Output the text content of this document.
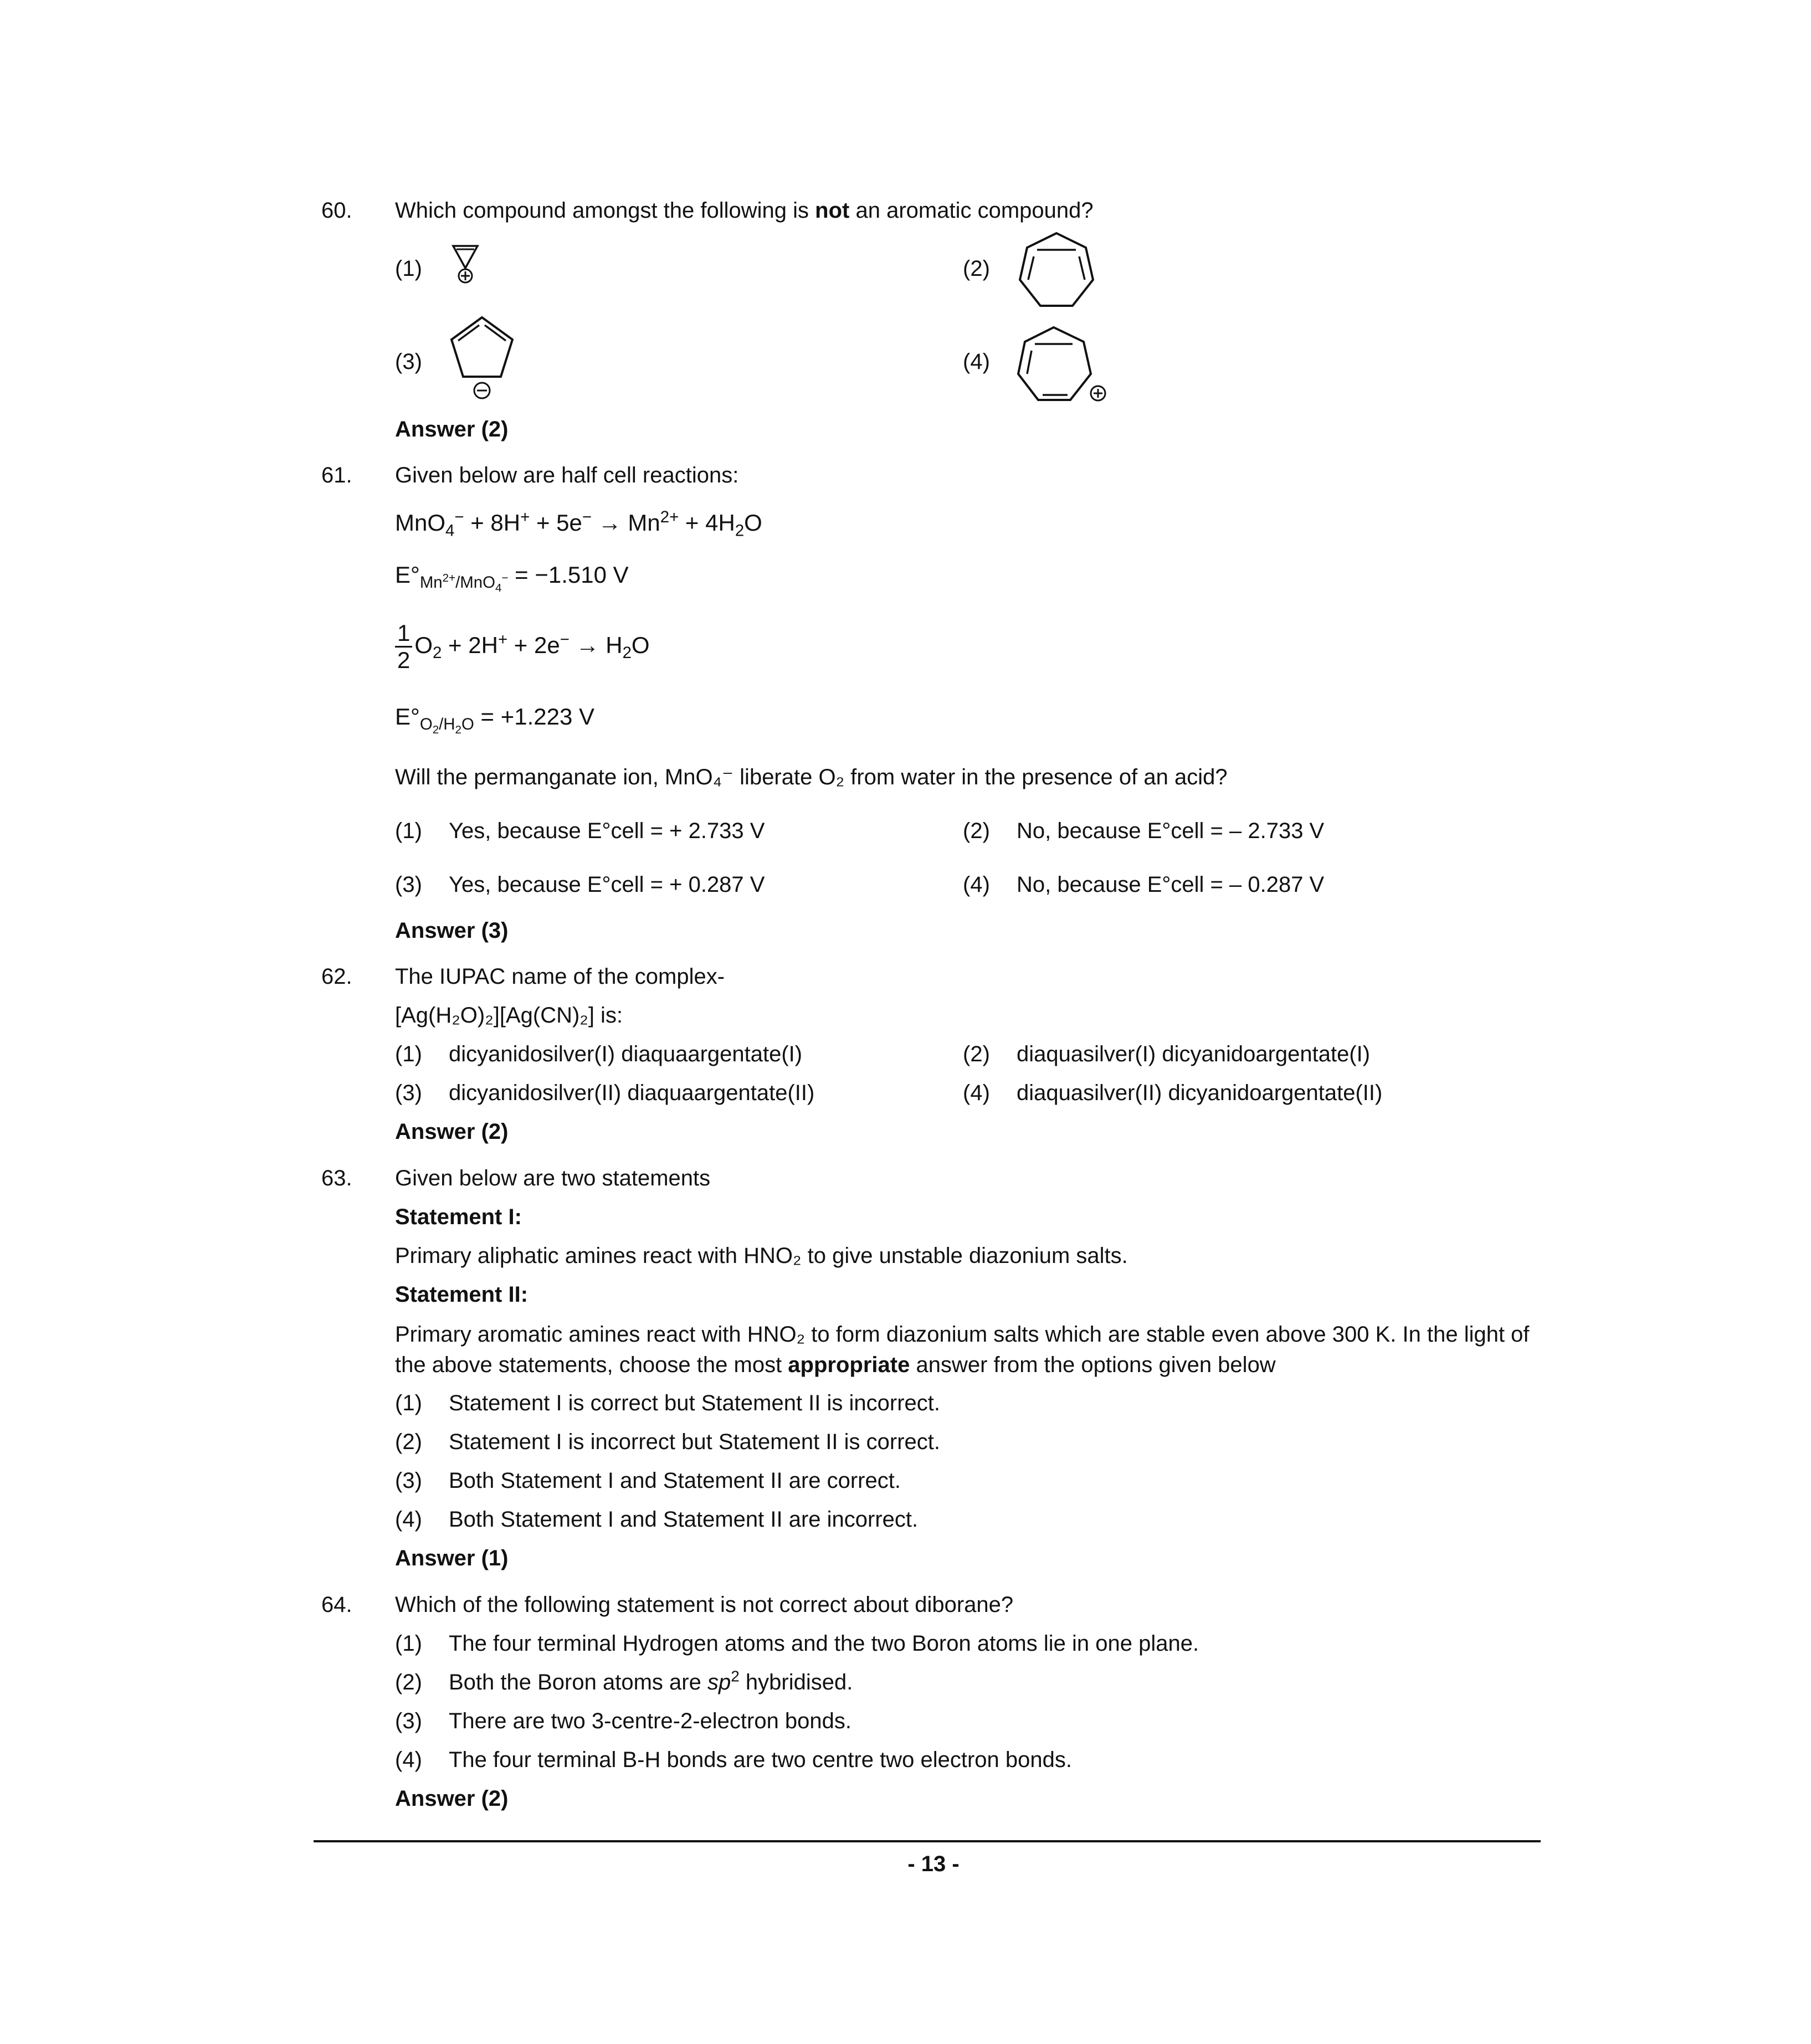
60. Which compound amongst the following is not an aromatic compound?
(1)	(2)
(3)	(4)
Answer (2)
61. Given below are half cell reactions:
$MnO_4^- + 8H^+ + 5e^- \to Mn^{2+} + 4H_2O$
$E^\circ_{Mn^{2+}/MnO_4^-} = -1.510$ V
$\frac{1}{2} O_2 + 2H^+ + 2e^- \to H_2O$
$E^\circ_{O_2/H_2O} = +1.223$ V
Will the permanganate ion, MnO₄⁻ liberate O₂ from water in the presence of an acid?
(1) Yes, because E°cell = + 2.733 V	(2) No, because E°cell = – 2.733 V
(3) Yes, because E°cell = + 0.287 V	(4) No, because E°cell = – 0.287 V
Answer (3)
62. The IUPAC name of the complex-
[Ag(H₂O)₂][Ag(CN)₂] is:
(1) dicyanidosilver(I) diaquaargentate(I)	(2) diaquasilver(I) dicyanidoargentate(I)
(3) dicyanidosilver(II) diaquaargentate(II)	(4) diaquasilver(II) dicyanidoargentate(II)
Answer (2)
63. Given below are two statements
Statement I:
Primary aliphatic amines react with HNO₂ to give unstable diazonium salts.
Statement II:
Primary aromatic amines react with HNO₂ to form diazonium salts which are stable even above 300 K. In the light of the above statements, choose the most appropriate answer from the options given below
(1) Statement I is correct but Statement II is incorrect.
(2) Statement I is incorrect but Statement II is correct.
(3) Both Statement I and Statement II are correct.
(4) Both Statement I and Statement II are incorrect.
Answer (1)
64. Which of the following statement is not correct about diborane?
(1) The four terminal Hydrogen atoms and the two Boron atoms lie in one plane.
(2) Both the Boron atoms are $sp^2$ hybridised.
(3) There are two 3-centre-2-electron bonds.
(4) The four terminal B-H bonds are two centre two electron bonds.
Answer (2)
- 13 -
